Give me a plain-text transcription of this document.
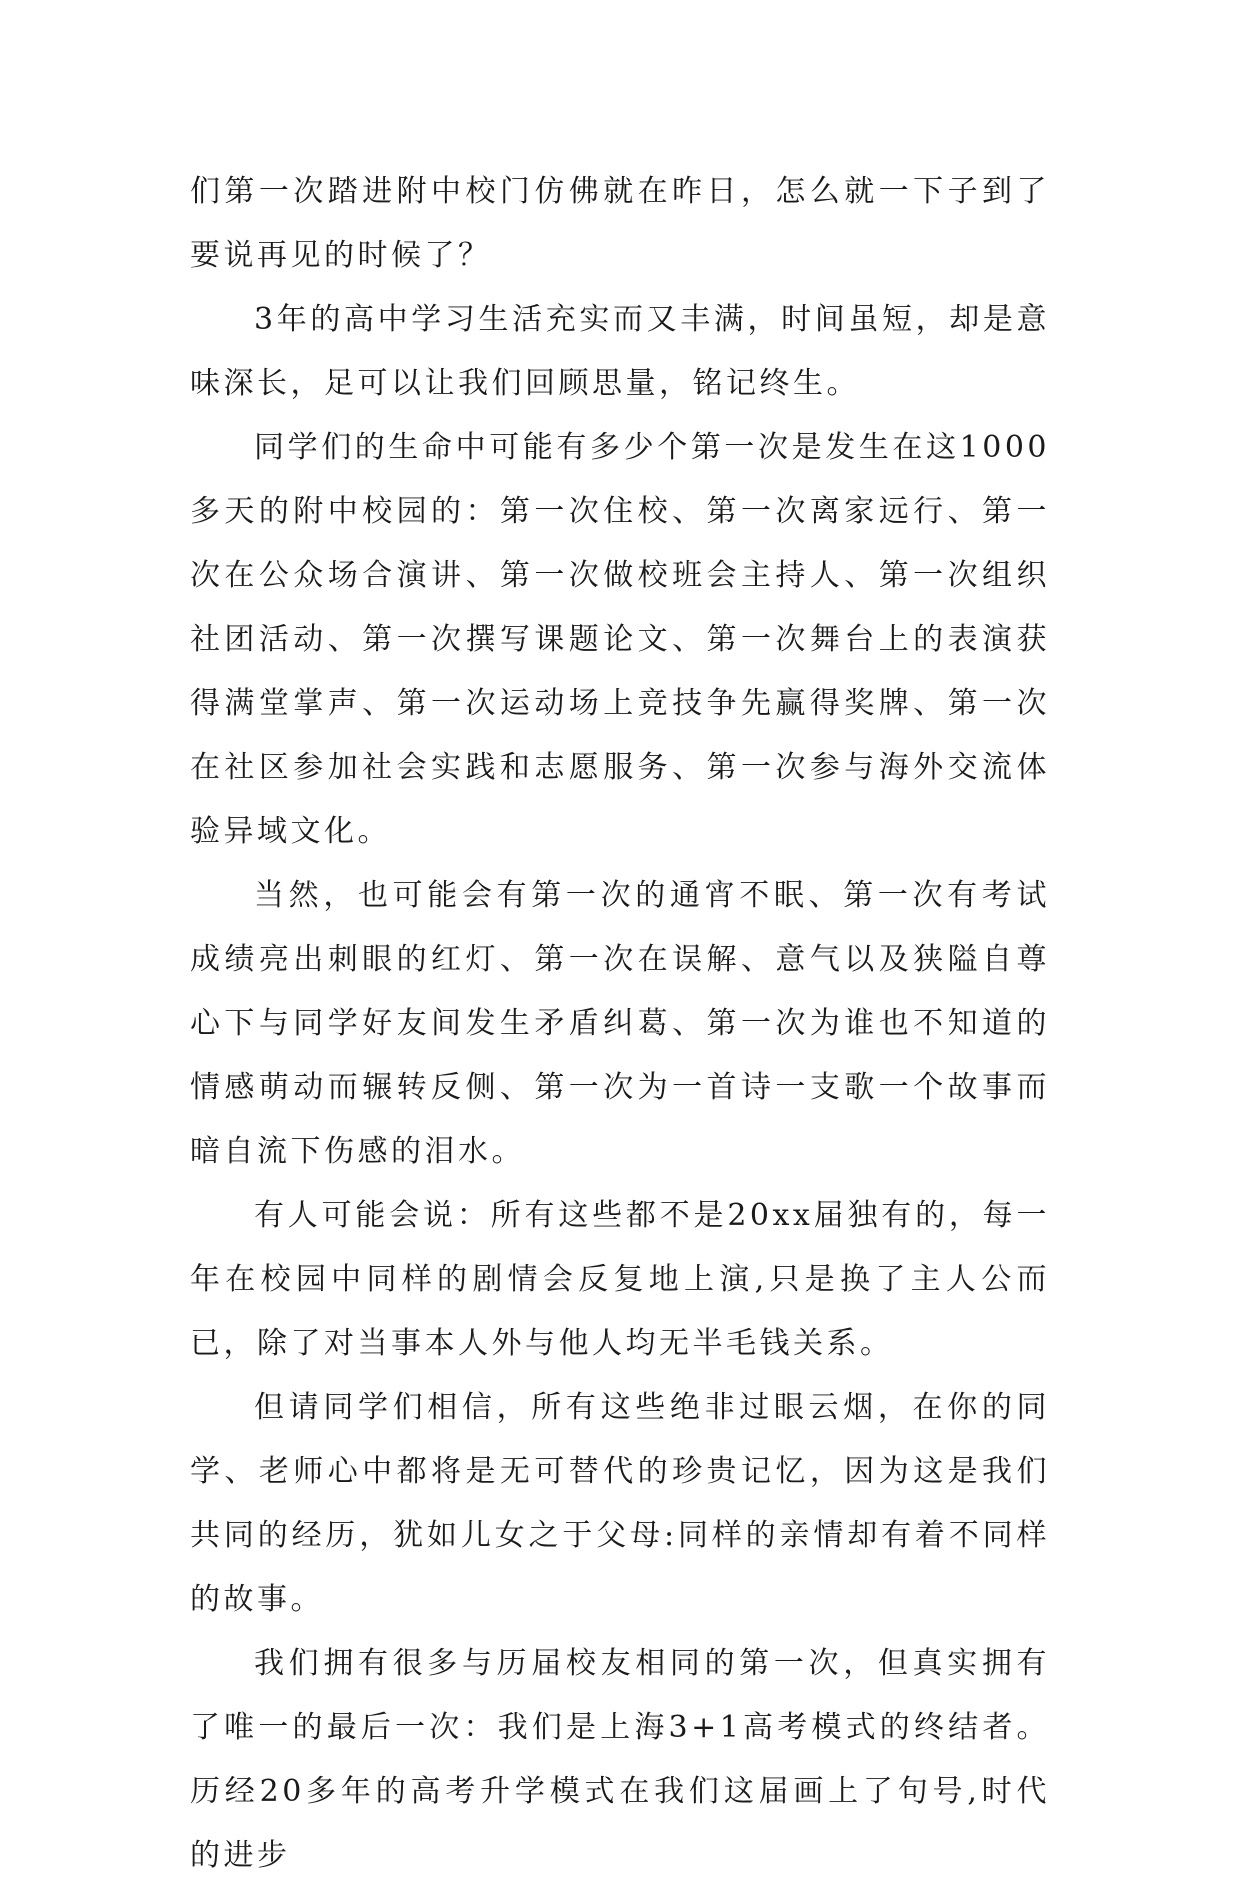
们第一次踏进附中校门仿佛就在昨日，怎么就一下子到了要说再见的时候了？

3年的高中学习生活充实而又丰满，时间虽短，却是意味深长，足可以让我们回顾思量，铭记终生。

同学们的生命中可能有多少个第一次是发生在这1000多天的附中校园的：第一次住校、第一次离家远行、第一次在公众场合演讲、第一次做校班会主持人、第一次组织社团活动、第一次撰写课题论文、第一次舞台上的表演获得满堂掌声、第一次运动场上竞技争先赢得奖牌、第一次在社区参加社会实践和志愿服务、第一次参与海外交流体验异域文化。

当然，也可能会有第一次的通宵不眠、第一次有考试成绩亮出刺眼的红灯、第一次在误解、意气以及狭隘自尊心下与同学好友间发生矛盾纠葛、第一次为谁也不知道的情感萌动而辗转反侧、第一次为一首诗一支歌一个故事而暗自流下伤感的泪水。

有人可能会说：所有这些都不是20xx届独有的，每一年在校园中同样的剧情会反复地上演,只是换了主人公而已，除了对当事本人外与他人均无半毛钱关系。

但请同学们相信，所有这些绝非过眼云烟，在你的同学、老师心中都将是无可替代的珍贵记忆，因为这是我们共同的经历，犹如儿女之于父母:同样的亲情却有着不同样的故事。

我们拥有很多与历届校友相同的第一次，但真实拥有了唯一的最后一次：我们是上海3+1高考模式的终结者。历经20多年的高考升学模式在我们这届画上了句号,时代的进步
